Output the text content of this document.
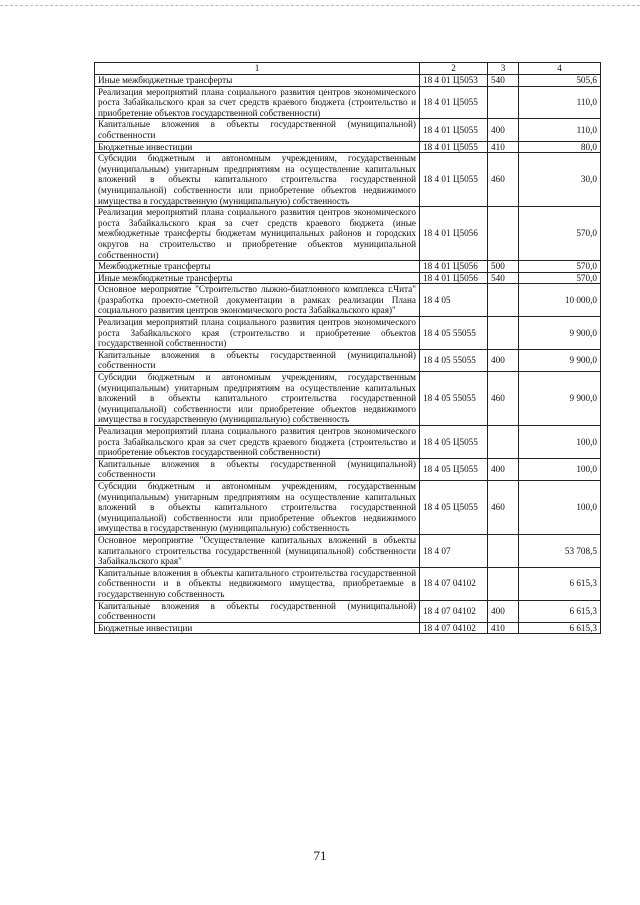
1	2	3	4
Иные межбюджетные трансферты	18 4 01 Ц5053	540	505,6
Реализация мероприятий плана социального развития центров экономического роста Забайкальского края за счет средств краевого бюджета (строительство и приобретение объектов государственной собственности)	18 4 01 Ц5055		110,0
Капитальные вложения в объекты государственной (муниципальной) собственности	18 4 01 Ц5055	400	110,0
Бюджетные инвестиции	18 4 01 Ц5055	410	80,0
Субсидии бюджетным и автономным учреждениям, государственным (муниципальным) унитарным предприятиям на осуществление капитальных вложений в объекты капитального строительства государственной (муниципальной) собственности или приобретение объектов недвижимого имущества в государственную (муниципальную) собственность	18 4 01 Ц5055	460	30,0
Реализация мероприятий плана социального развития центров экономического роста Забайкальского края за счет средств краевого бюджета (иные межбюджетные трансферты бюджетам муниципальных районов и городских округов на строительство и приобретение объектов муниципальной собственности)	18 4 01 Ц5056		570,0
Межбюджетные трансферты	18 4 01 Ц5056	500	570,0
Иные межбюджетные трансферты	18 4 01 Ц5056	540	570,0
Основное мероприятие "Строительство лыжно-биатлонного комплекса г.Чита" (разработка проекто-сметной документации в рамках реализации Плана социального развития центров экономического роста Забайкальского края)"	18 4 05		10 000,0
Реализация мероприятий плана социального развития центров экономического роста Забайкальского края (строительство и приобретение объектов государственной собственности)	18 4 05 55055		9 900,0
Капитальные вложения в объекты государственной (муниципальной) собственности	18 4 05 55055	400	9 900,0
Субсидии бюджетным и автономным учреждениям, государственным (муниципальным) унитарным предприятиям на осуществление капитальных вложений в объекты капитального строительства государственной (муниципальной) собственности или приобретение объектов недвижимого имущества в государственную (муниципальную) собственность	18 4 05 55055	460	9 900,0
Реализация мероприятий плана социального развития центров экономического роста Забайкальского края за счет средств краевого бюджета (строительство и приобретение объектов государственной собственности)	18 4 05 Ц5055		100,0
Капитальные вложения в объекты государственной (муниципальной) собственности	18 4 05 Ц5055	400	100,0
Субсидии бюджетным и автономным учреждениям, государственным (муниципальным) унитарным предприятиям на осуществление капитальных вложений в объекты капитального строительства государственной (муниципальной) собственности или приобретение объектов недвижимого имущества в государственную (муниципальную) собственность	18 4 05 Ц5055	460	100,0
Основное мероприятие "Осуществление капитальных вложений в объекты капитального строительства государственной (муниципальной) собственности Забайкальского края"	18 4 07		53 708,5
Капитальные вложения в объекты капитального строительства государственной собственности и в объекты недвижимого имущества, приобретаемые в государственную собственность	18 4 07 04102		6 615,3
Капитальные вложения в объекты государственной (муниципальной) собственности	18 4 07 04102	400	6 615,3
Бюджетные инвестиции	18 4 07 04102	410	6 615,3
71
